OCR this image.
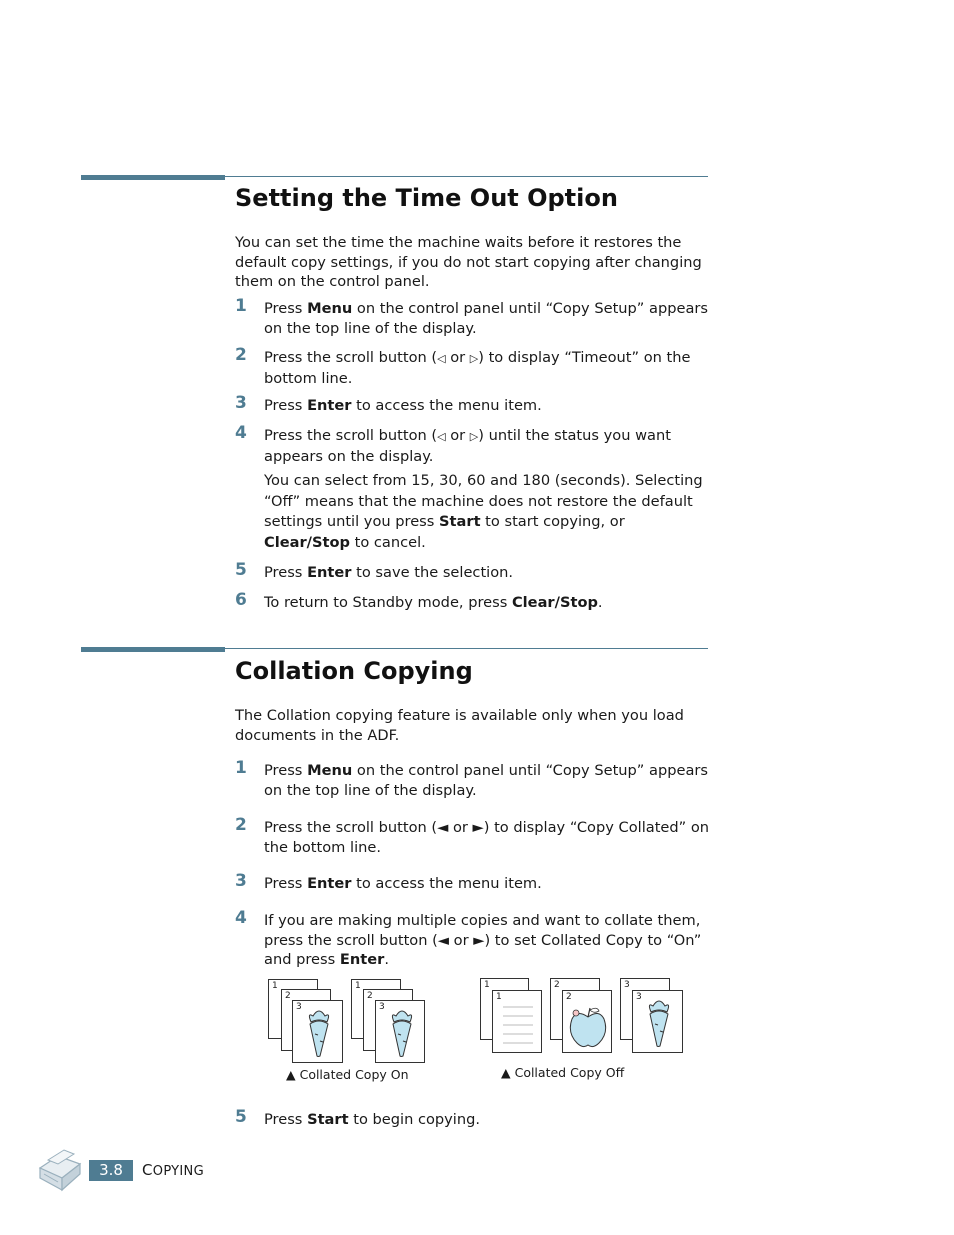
Setting the Time Out Option

You can set the time the machine waits before it restores the default copy settings, if you do not start copying after changing them on the control panel.

1 Press Menu on the control panel until “Copy Setup” appears on the top line of the display.
2 Press the scroll button (◁ or ▷) to display “Timeout” on the bottom line.
3 Press Enter to access the menu item.
4 Press the scroll button (◁ or ▷) until the status you want appears on the display.
You can select from 15, 30, 60 and 180 (seconds). Selecting “Off” means that the machine does not restore the default settings until you press Start to start copying, or Clear/Stop to cancel.
5 Press Enter to save the selection.
6 To return to Standby mode, press Clear/Stop.
Collation Copying

The Collation copying feature is available only when you load documents in the ADF.

1 Press Menu on the control panel until “Copy Setup” appears on the top line of the display.
2 Press the scroll button (◄ or ►) to display “Copy Collated” on the bottom line.
3 Press Enter to access the menu item.
4 If you are making multiple copies and want to collate them, press the scroll button (◄ or ►) to set Collated Copy to “On” and press Enter.
1
2
3
1
2
3
▲ Collated Copy On
1
1
2
2
3
3
▲ Collated Copy Off
5 Press Start to begin copying.
3.8	COPYING
